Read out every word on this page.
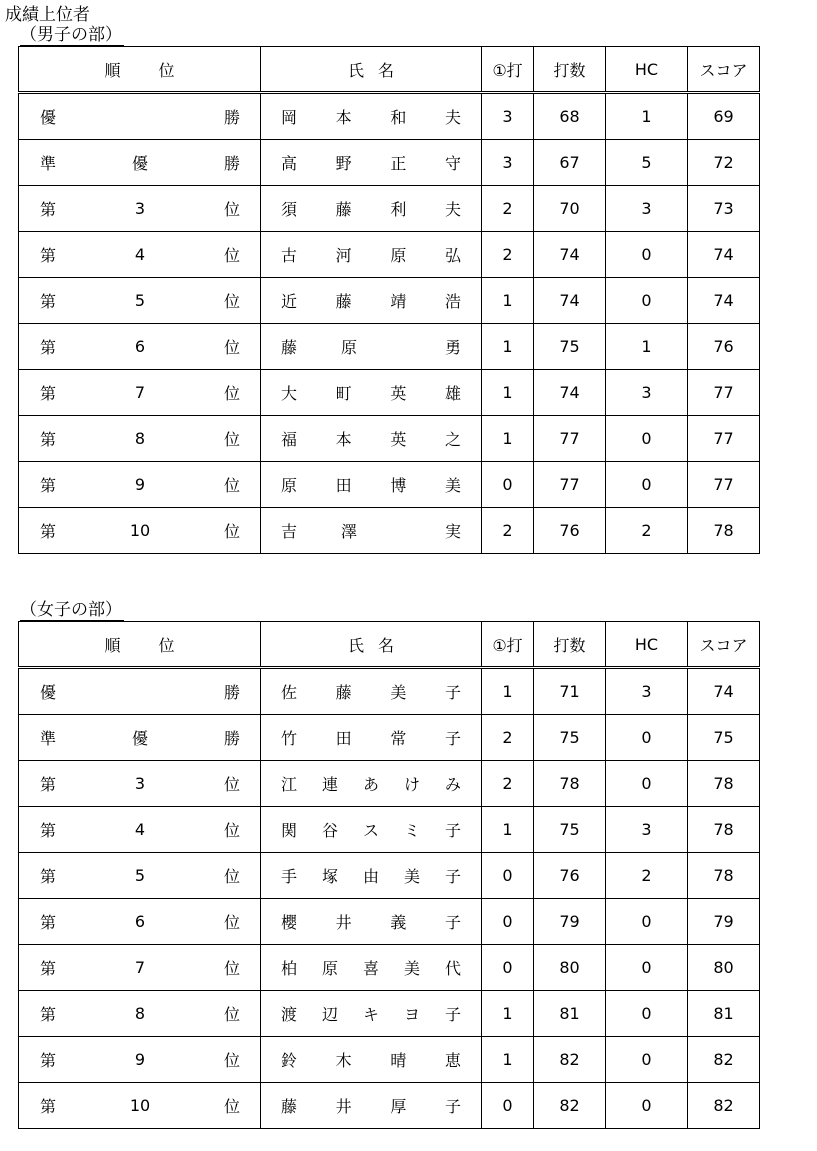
成績上位者
（男子の部）
順 位	氏 名	①打	打数	HC	スコア

優 勝	岡 本 和 夫	3	68	1	69

準 優 勝	高 野 正 守	3	67	5	72

第 3 位	須 藤 利 夫	2	70	3	73

第 4 位	古 河 原 弘	2	74	0	74

第 5 位	近 藤 靖 浩	1	74	0	74

第 6 位	藤 原 勇	1	75	1	76

第 7 位	大 町 英 雄	1	74	3	77

第 8 位	福 本 英 之	1	77	0	77

第 9 位	原 田 博 美	0	77	0	77

第 10 位	吉 澤 実	2	76	2	78
（女子の部）
順 位	氏 名	①打	打数	HC	スコア

優 勝	佐 藤 美 子	1	71	3	74

準 優 勝	竹 田 常 子	2	75	0	75

第 3 位	江 連 あ け み	2	78	0	78

第 4 位	関 谷 ス ミ 子	1	75	3	78

第 5 位	手 塚 由 美 子	0	76	2	78

第 6 位	櫻 井 義 子	0	79	0	79

第 7 位	柏 原 喜 美 代	0	80	0	80

第 8 位	渡 辺 キ ヨ 子	1	81	0	81

第 9 位	鈴 木 晴 恵	1	82	0	82

第 10 位	藤 井 厚 子	0	82	0	82
